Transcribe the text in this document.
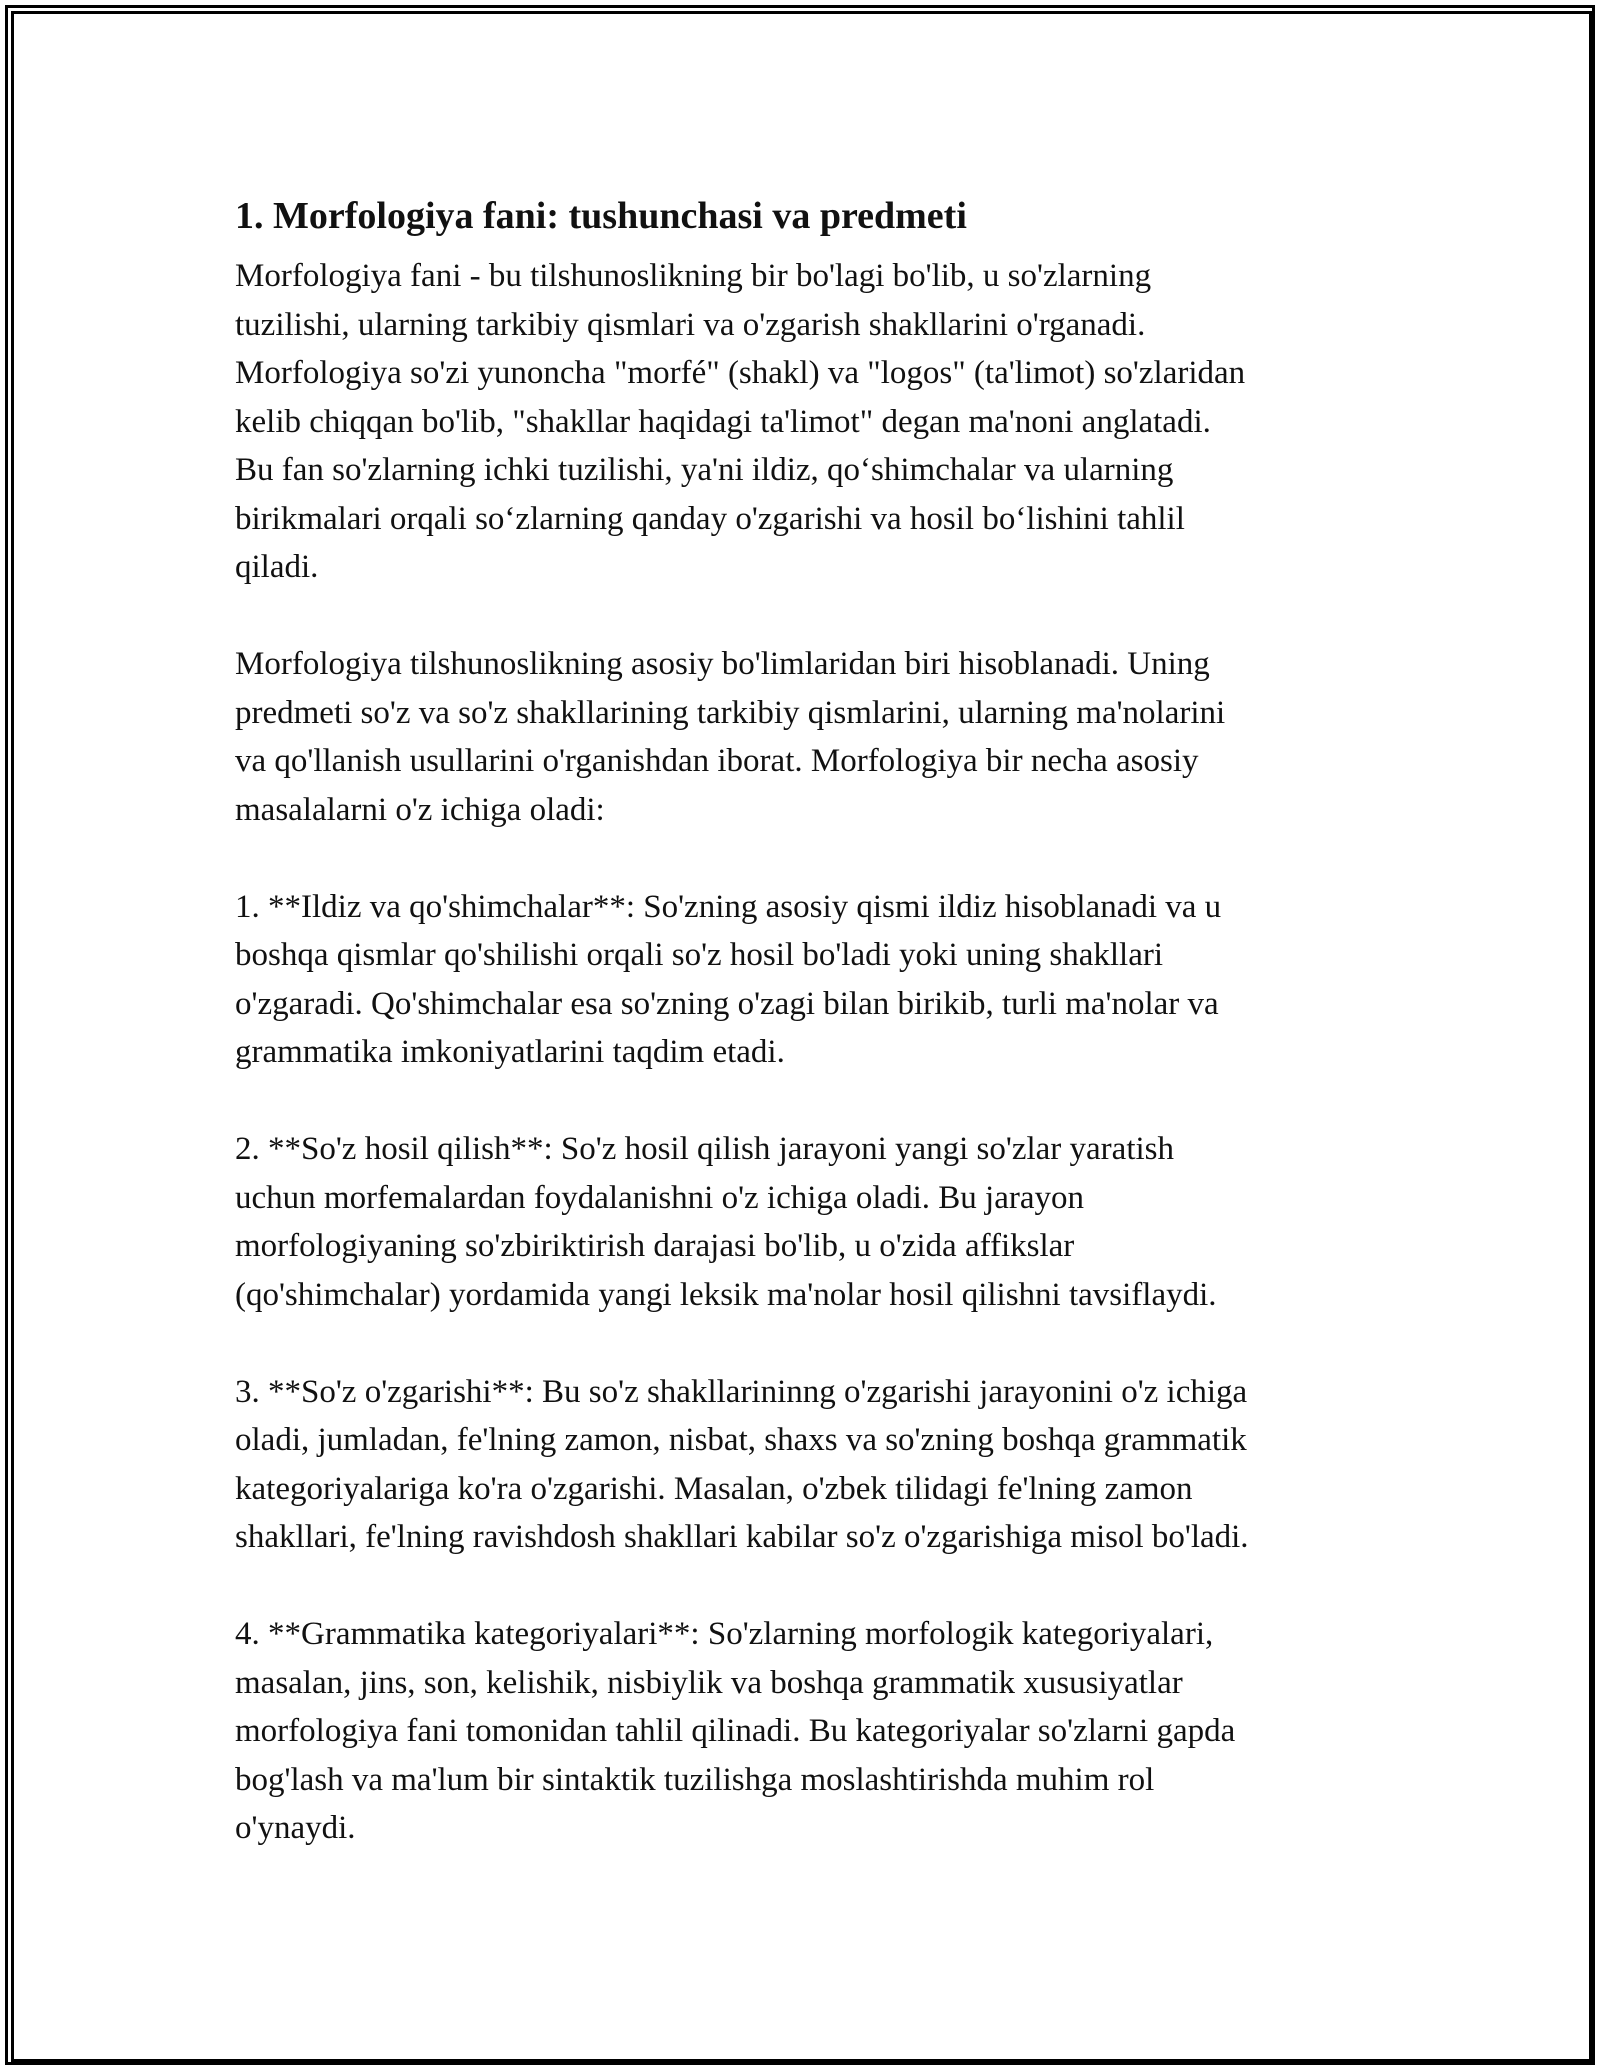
1. Morfologiya fani: tushunchasi va predmeti

Morfologiya fani - bu tilshunoslikning bir bo'lagi bo'lib, u so'zlarning
tuzilishi, ularning tarkibiy qismlari va o'zgarish shakllarini o'rganadi.
Morfologiya so'zi yunoncha "morfé" (shakl) va "logos" (ta'limot) so'zlaridan
kelib chiqqan bo'lib, "shakllar haqidagi ta'limot" degan ma'noni anglatadi.
Bu fan so'zlarning ichki tuzilishi, ya'ni ildiz, qo‘shimchalar va ularning
birikmalari orqali so‘zlarning qanday o'zgarishi va hosil bo‘lishini tahlil
qiladi.

Morfologiya tilshunoslikning asosiy bo'limlaridan biri hisoblanadi. Uning
predmeti so'z va so'z shakllarining tarkibiy qismlarini, ularning ma'nolarini
va qo'llanish usullarini o'rganishdan iborat. Morfologiya bir necha asosiy
masalalarni o'z ichiga oladi:

1. **Ildiz va qo'shimchalar**: So'zning asosiy qismi ildiz hisoblanadi va u
boshqa qismlar qo'shilishi orqali so'z hosil bo'ladi yoki uning shakllari
o'zgaradi. Qo'shimchalar esa so'zning o'zagi bilan birikib, turli ma'nolar va
grammatika imkoniyatlarini taqdim etadi.

2. **So'z hosil qilish**: So'z hosil qilish jarayoni yangi so'zlar yaratish
uchun morfemalardan foydalanishni o'z ichiga oladi. Bu jarayon
morfologiyaning so'zbiriktirish darajasi bo'lib, u o'zida affikslar
(qo'shimchalar) yordamida yangi leksik ma'nolar hosil qilishni tavsiflaydi.

3. **So'z o'zgarishi**: Bu so'z shakllarininng o'zgarishi jarayonini o'z ichiga
oladi, jumladan, fe'lning zamon, nisbat, shaxs va so'zning boshqa grammatik
kategoriyalariga ko'ra o'zgarishi. Masalan, o'zbek tilidagi fe'lning zamon
shakllari, fe'lning ravishdosh shakllari kabilar so'z o'zgarishiga misol bo'ladi.

4. **Grammatika kategoriyalari**: So'zlarning morfologik kategoriyalari,
masalan, jins, son, kelishik, nisbiylik va boshqa grammatik xususiyatlar
morfologiya fani tomonidan tahlil qilinadi. Bu kategoriyalar so'zlarni gapda
bog'lash va ma'lum bir sintaktik tuzilishga moslashtirishda muhim rol
o'ynaydi.
